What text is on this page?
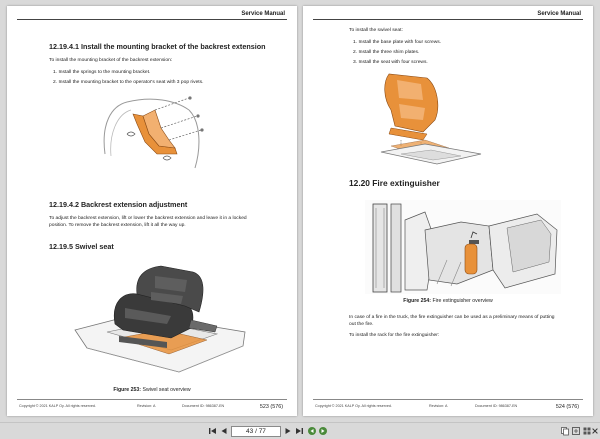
Service Manual
12.19.4.1 Install the mounting bracket of the backrest extension
To install the mounting bracket of the backrest extension:
1. Install the springs to the mounting bracket.
2. Install the mounting bracket to the operator's seat with 3 pop rivets.
12.19.4.2 Backrest extension adjustment
To adjust the backrest extension, lift or lower the backrest extension and leave it in a locked
position. To remove the backrest extension, lift it all the way up.
12.19.5 Swivel seat
Figure 253: Swivel seat overview
Copyright © 2021 KALP Oy. All rights reserved.	Revision: A	Document ID: 986387-EN	523 (576)
Service Manual
To install the swivel seat:
1. Install the base plate with four screws.
2. Install the three shim plates.
3. Install the seat with four screws.
12.20 Fire extinguisher
Figure 254: Fire extinguisher overview
In case of a fire in the truck, the fire extinguisher can be used as a preliminary means of putting
out the fire.
To install the rack for the fire extinguisher:
Copyright © 2021 KALP Oy. All rights reserved.	Revision: A	Document ID: 986387-EN	524 (576)
43 / 77
